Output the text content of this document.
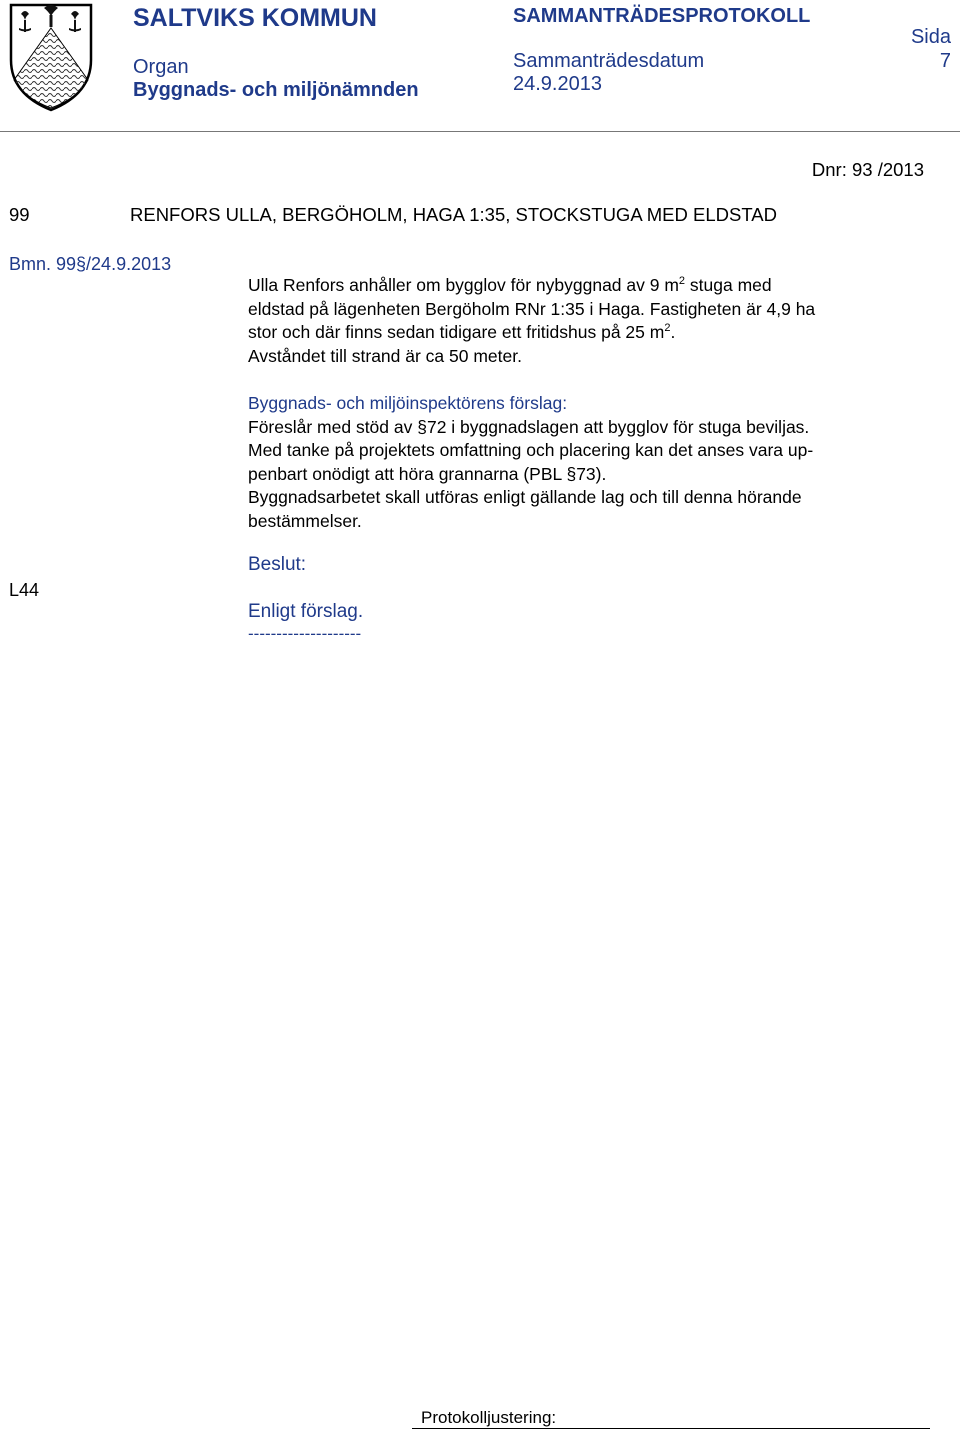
SALTVIKS KOMMUN
Organ
Byggnads- och miljönämnden
SAMMANTRÄDESPROTOKOLL
Sammanträdesdatum
24.9.2013
Sida
7
Dnr: 93 /2013
99	RENFORS ULLA, BERGÖHOLM, HAGA 1:35, STOCKSTUGA MED ELDSTAD
Bmn. 99§/24.9.2013
Ulla Renfors anhåller om bygglov för nybyggnad av 9 $m^2$ stuga med
eldstad på lägenheten Bergöholm RNr 1:35 i Haga. Fastigheten är 4,9 ha
stor och där finns sedan tidigare ett fritidshus på 25 $m^2$.
Avståndet till strand är ca 50 meter.
Byggnads- och miljöinspektörens förslag:
Föreslår med stöd av §72 i byggnadslagen att bygglov för stuga beviljas.
Med tanke på projektets omfattning och placering kan det anses vara up-
penbart onödigt att höra grannarna (PBL §73).
Byggnadsarbetet skall utföras enligt gällande lag och till denna hörande
bestämmelser.
L44
Beslut:
Enligt förslag.
--------------------
Protokolljustering:
